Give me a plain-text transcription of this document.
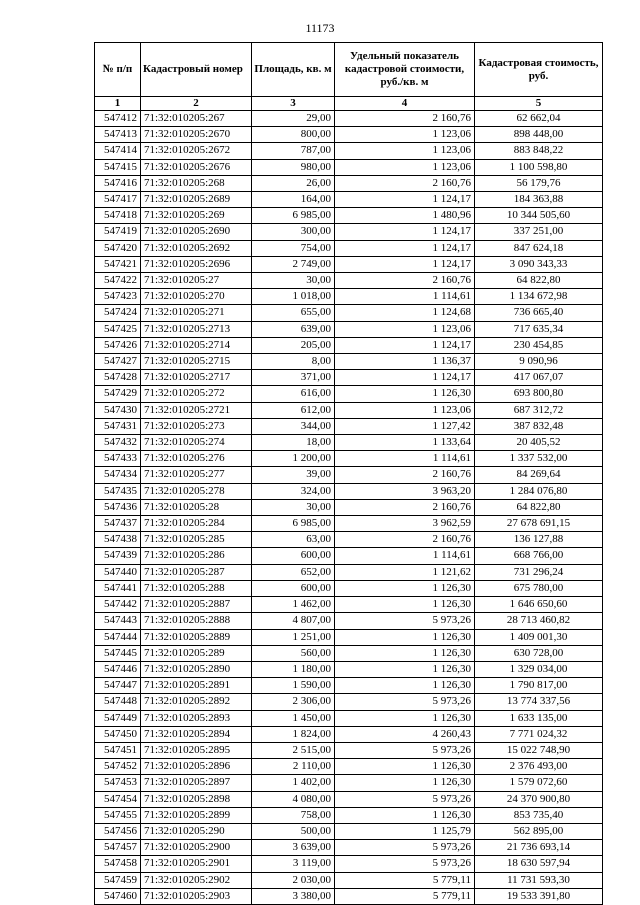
11173
№ п/п	Кадастровый номер	Площадь, кв. м	Удельный показатель кадастровой стоимости, руб./кв. м	Кадастровая стоимость, руб.
1	2	3	4	5
547412	71:32:010205:267	29,00	2 160,76	62 662,04
547413	71:32:010205:2670	800,00	1 123,06	898 448,00
547414	71:32:010205:2672	787,00	1 123,06	883 848,22
547415	71:32:010205:2676	980,00	1 123,06	1 100 598,80
547416	71:32:010205:268	26,00	2 160,76	56 179,76
547417	71:32:010205:2689	164,00	1 124,17	184 363,88
547418	71:32:010205:269	6 985,00	1 480,96	10 344 505,60
547419	71:32:010205:2690	300,00	1 124,17	337 251,00
547420	71:32:010205:2692	754,00	1 124,17	847 624,18
547421	71:32:010205:2696	2 749,00	1 124,17	3 090 343,33
547422	71:32:010205:27	30,00	2 160,76	64 822,80
547423	71:32:010205:270	1 018,00	1 114,61	1 134 672,98
547424	71:32:010205:271	655,00	1 124,68	736 665,40
547425	71:32:010205:2713	639,00	1 123,06	717 635,34
547426	71:32:010205:2714	205,00	1 124,17	230 454,85
547427	71:32:010205:2715	8,00	1 136,37	9 090,96
547428	71:32:010205:2717	371,00	1 124,17	417 067,07
547429	71:32:010205:272	616,00	1 126,30	693 800,80
547430	71:32:010205:2721	612,00	1 123,06	687 312,72
547431	71:32:010205:273	344,00	1 127,42	387 832,48
547432	71:32:010205:274	18,00	1 133,64	20 405,52
547433	71:32:010205:276	1 200,00	1 114,61	1 337 532,00
547434	71:32:010205:277	39,00	2 160,76	84 269,64
547435	71:32:010205:278	324,00	3 963,20	1 284 076,80
547436	71:32:010205:28	30,00	2 160,76	64 822,80
547437	71:32:010205:284	6 985,00	3 962,59	27 678 691,15
547438	71:32:010205:285	63,00	2 160,76	136 127,88
547439	71:32:010205:286	600,00	1 114,61	668 766,00
547440	71:32:010205:287	652,00	1 121,62	731 296,24
547441	71:32:010205:288	600,00	1 126,30	675 780,00
547442	71:32:010205:2887	1 462,00	1 126,30	1 646 650,60
547443	71:32:010205:2888	4 807,00	5 973,26	28 713 460,82
547444	71:32:010205:2889	1 251,00	1 126,30	1 409 001,30
547445	71:32:010205:289	560,00	1 126,30	630 728,00
547446	71:32:010205:2890	1 180,00	1 126,30	1 329 034,00
547447	71:32:010205:2891	1 590,00	1 126,30	1 790 817,00
547448	71:32:010205:2892	2 306,00	5 973,26	13 774 337,56
547449	71:32:010205:2893	1 450,00	1 126,30	1 633 135,00
547450	71:32:010205:2894	1 824,00	4 260,43	7 771 024,32
547451	71:32:010205:2895	2 515,00	5 973,26	15 022 748,90
547452	71:32:010205:2896	2 110,00	1 126,30	2 376 493,00
547453	71:32:010205:2897	1 402,00	1 126,30	1 579 072,60
547454	71:32:010205:2898	4 080,00	5 973,26	24 370 900,80
547455	71:32:010205:2899	758,00	1 126,30	853 735,40
547456	71:32:010205:290	500,00	1 125,79	562 895,00
547457	71:32:010205:2900	3 639,00	5 973,26	21 736 693,14
547458	71:32:010205:2901	3 119,00	5 973,26	18 630 597,94
547459	71:32:010205:2902	2 030,00	5 779,11	11 731 593,30
547460	71:32:010205:2903	3 380,00	5 779,11	19 533 391,80
